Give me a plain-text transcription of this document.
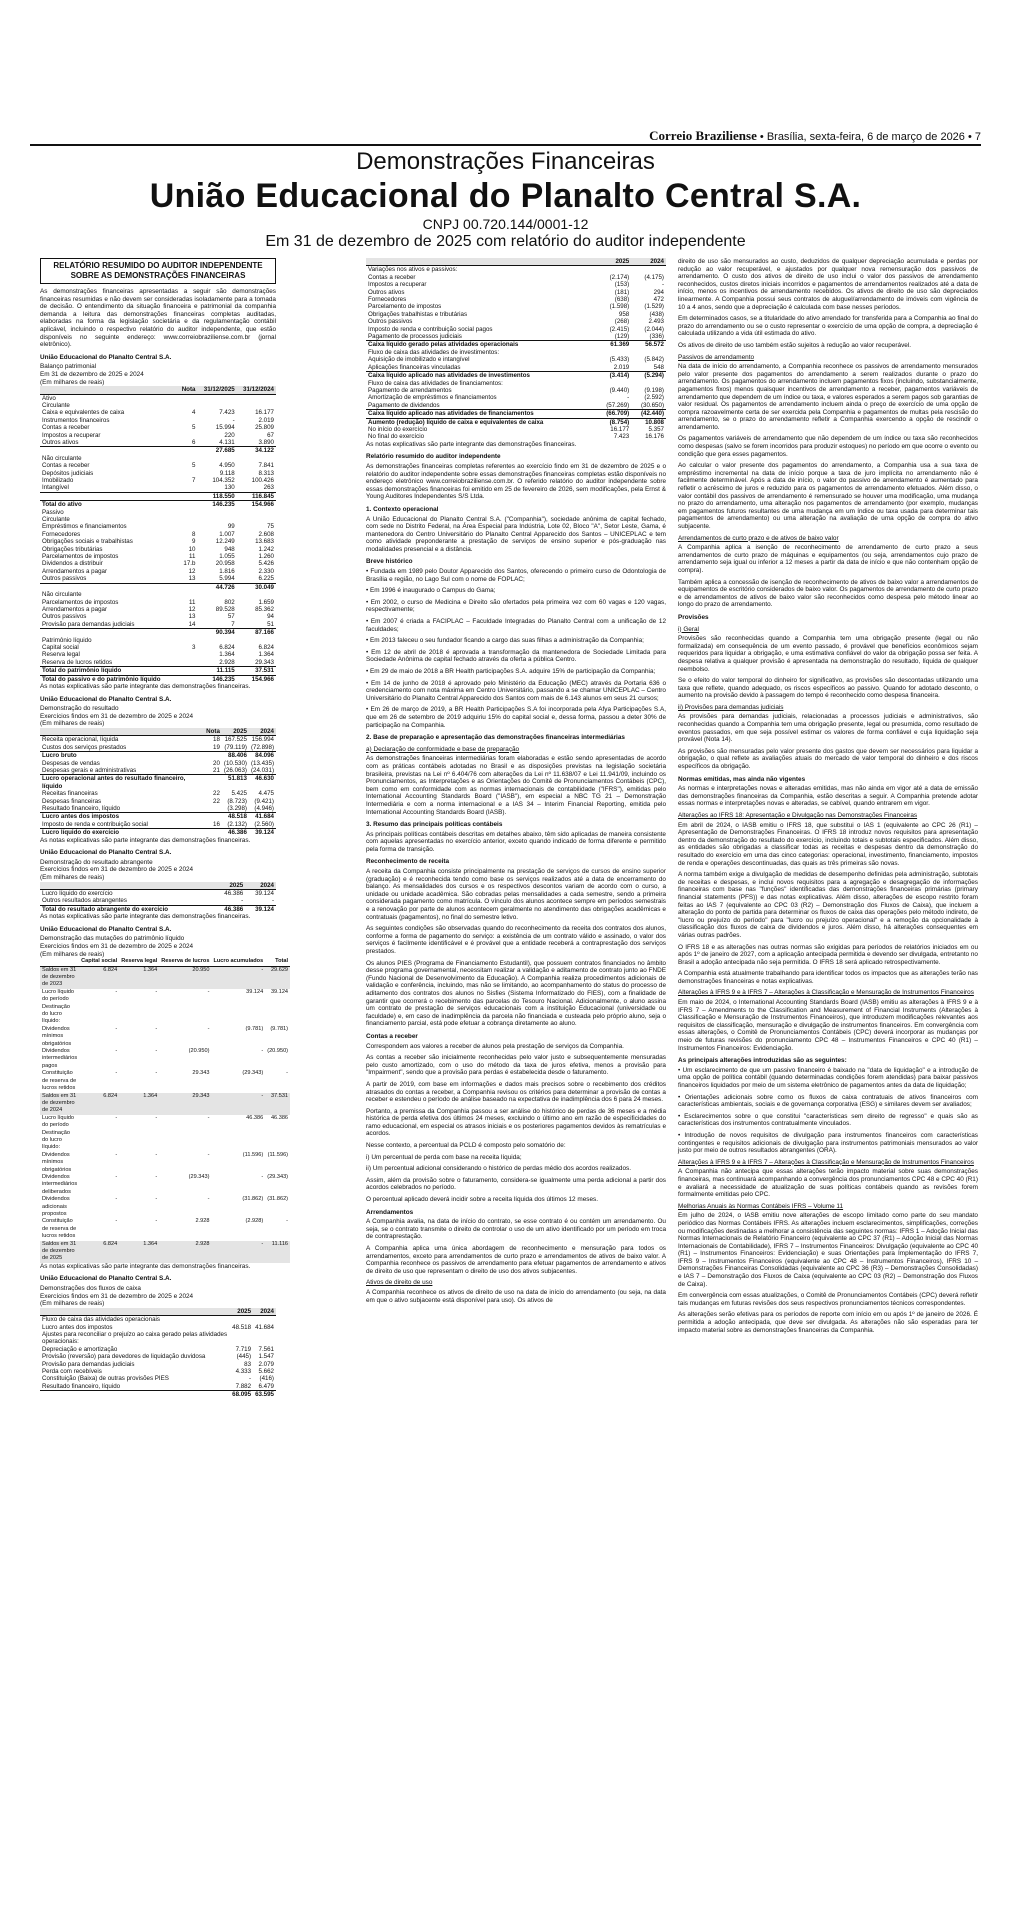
Correio Braziliense • Brasília, sexta-feira, 6 de março de 2026 • 7
Demonstrações Financeiras
União Educacional do Planalto Central S.A.
CNPJ 00.720.144/0001-12
Em 31 de dezembro de 2025 com relatório do auditor independente
RELATÓRIO RESUMIDO DO AUDITOR INDEPENDENTE SOBRE AS DEMONSTRAÇÕES FINANCEIRAS

As demonstrações financeiras apresentadas a seguir são demonstrações financeiras resumidas e não devem ser consideradas isoladamente para a tomada de decisão. O entendimento da situação financeira e patrimonial da companhia demanda a leitura das demonstrações financeiras completas auditadas, elaboradas na forma da legislação societária e da regulamentação contábil aplicável, incluindo o respectivo relatório do auditor independente, que estão disponíveis no seguinte endereço: www.correiobraziliense.com.br (jornal eletrônico).

União Educacional do Planalto Central S.A.
Balanço patrimonial
Em 31 de dezembro de 2025 e 2024
(Em milhares de reais)
	Nota	31/12/2025	31/12/2024
Ativo			
Circulante			
Caixa e equivalentes de caixa	4	7.423	16.177
Instrumentos financeiros		-	2.019
Contas a receber	5	15.994	25.809
Impostos a recuperar		220	67
Outros ativos	6	4.131	3.890
		27.685	34.122
Não circulante			
Contas a receber	5	4.950	7.841
Depósitos judiciais		9.118	8.313
Imobilizado	7	104.352	100.426
Intangível		130	263
		118.550	116.845
Total do ativo		146.235	154.966
Passivo			
Circulante			
Empréstimos e financiamentos		99	75
Fornecedores	8	1.007	2.608
Obrigações sociais e trabalhistas	9	12.249	13.683
Obrigações tributárias	10	948	1.242
Parcelamentos de impostos	11	1.055	1.260
Dividendos a distribuir	17.b	20.958	5.426
Arrendamentos a pagar	12	1.816	2.330
Outros passivos	13	5.994	6.225
		44.726	30.049
Não circulante			
Parcelamentos de impostos	11	802	1.659
Arrendamentos a pagar	12	89.528	85.362
Outros passivos	13	57	94
Provisão para demandas judiciais	14	7	51
		90.394	87.166
Patrimônio líquido			
Capital social	3	6.824	6.824
Reserva legal		1.364	1.364
Reserva de lucros retidos		2.928	29.343
Total do patrimônio líquido		11.115	37.531
Total do passivo e do patrimônio líquido		146.235	154.966

As notas explicativas são parte integrante das demonstrações financeiras.

União Educacional do Planalto Central S.A.
Demonstração do resultado
Exercícios findos em 31 de dezembro de 2025 e 2024
(Em milhares de reais)
	Nota	2025	2024
Receita operacional, líquida	18	167.525	156.994
Custos dos serviços prestados	19	(79.119)	(72.898)
Lucro bruto		88.406	84.096
Despesas de vendas	20	(10.530)	(13.435)
Despesas gerais e administrativas	21	(26.063)	(24.031)
Lucro operacional antes do resultado financeiro, líquido		51.813	46.630
Receitas financeiras	22	5.425	4.475
Despesas financeiras	22	(8.723)	(9.421)
Resultado financeiro, líquido		(3.298)	(4.946)
Lucro antes dos impostos		48.518	41.684
Imposto de renda e contribuição social	16	(2.132)	(2.560)
Lucro líquido do exercício		46.386	39.124

As notas explicativas são parte integrante das demonstrações financeiras.

União Educacional do Planalto Central S.A.
Demonstração do resultado abrangente
Exercícios findos em 31 de dezembro de 2025 e 2024
(Em milhares de reais)
	2025	2024
Lucro líquido do exercício	46.386	39.124
Outros resultados abrangentes	-	-
Total do resultado abrangente do exercício	46.386	39.124

As notas explicativas são parte integrante das demonstrações financeiras.

União Educacional do Planalto Central S.A.
Demonstração das mutações do patrimônio líquido
Exercícios findos em 31 de dezembro de 2025 e 2024
(Em milhares de reais)
	Capital social	Reserva legal	Reserva de lucros	Lucro acumulados	Total
Saldos em 31 de dezembro de 2023	6.824	1.364	20.950	-	29.629
Lucro líquido do período	-	-	-	39.124	39.124
Destinação do lucro líquido:					
Dividendos mínimos obrigatórios	-	-	-	(9.781)	(9.781)
Dividendos intermediários pagos	-	-	(20.950)	-	(20.950)
Constituição de reserva de lucros retidos	-	-	29.343	(29.343)	-
Saldos em 31 de dezembro de 2024	6.824	1.364	29.343	-	37.531
Lucro líquido do período	-	-	-	46.386	46.386
Destinação do lucro líquido:					
Dividendos mínimos obrigatórios	-	-	-	(11.596)	(11.596)
Dividendos intermediários deliberados	-	-	(29.343)	-	(29.343)
Dividendos adicionais propostos	-	-	-	(31.862)	(31.862)
Constituição de reserva de lucros retidos	-	-	2.928	(2.928)	-
Saldos em 31 de dezembro de 2025	6.824	1.364	2.928	-	11.116

As notas explicativas são parte integrante das demonstrações financeiras.

União Educacional do Planalto Central S.A.
Demonstrações dos fluxos de caixa
Exercícios findos em 31 de dezembro de 2025 e 2024
(Em milhares de reais)
	2025	2024
Fluxo de caixa das atividades operacionais		
Lucro antes dos impostos	48.518	41.684
Ajustes para reconciliar o prejuízo ao caixa gerado pelas atividades operacionais:		
Depreciação e amortização	7.719	7.561
Provisão (reversão) para devedores de liquidação duvidosa	(445)	1.547
Provisão para demandas judiciais	83	2.079
Perda com recebíveis	4.333	5.662
Constituição (Baixa) de outras provisões PIES	-	(416)
Resultado financeiro, líquido	7.882	6.479
	68.095	63.595
	2025	2024
Variações nos ativos e passivos:		
Contas a receber	(2.174)	(4.175)
Impostos a recuperar	(153)	-
Outros ativos	(181)	294
Fornecedores	(638)	472
Parcelamento de impostos	(1.598)	(1.529)
Obrigações trabalhistas e tributárias	958	(438)
Outros passivos	(268)	2.493
Imposto de renda e contribuição social pagos	(2.415)	(2.044)
Pagamento de processos judiciais	(129)	(336)
Caixa líquido gerado pelas atividades operacionais	61.369	56.572
Fluxo de caixa das atividades de investimentos:		
Aquisição de imobilizado e intangível	(5.433)	(5.842)
Aplicações financeiras vinculadas	2.019	548
Caixa líquido aplicado nas atividades de investimentos	(3.414)	(5.294)
Fluxo de caixa das atividades de financiamentos:		
Pagamento de arrendamentos	(9.440)	(9.198)
Amortização de empréstimos e financiamentos	-	(2.592)
Pagamento de dividendos	(57.269)	(30.650)
Caixa líquido aplicado nas atividades de financiamentos	(66.709)	(42.440)
Aumento (redução) líquido de caixa e equivalentes de caixa	(8.754)	10.808
No início do exercício	16.177	5.357
No final do exercício	7.423	16.176

As notas explicativas são parte integrante das demonstrações financeiras.

Relatório resumido do auditor independente

As demonstrações financeiras completas referentes ao exercício findo em 31 de dezembro de 2025 e o relatório do auditor independente sobre essas demonstrações financeiras completas estão disponíveis no endereço eletrônico www.correiobraziliense.com.br. O referido relatório do auditor independente sobre essas demonstrações financeiras foi emitido em 25 de fevereiro de 2026, sem modificações, pela Ernst & Young Auditores Independentes S/S Ltda.

1. Contexto operacional

A União Educacional do Planalto Central S.A. ("Companhia"), sociedade anônima de capital fechado, com sede no Distrito Federal, na Área Especial para Indústria, Lote 02, Bloco "A", Setor Leste, Gama, é mantenedora do Centro Universitário do Planalto Central Apparecido dos Santos – UNICEPLAC e tem como atividade preponderante a prestação de serviços de ensino superior e pós-graduação nas modalidades presencial e a distância.

Breve histórico

• Fundada em 1989 pelo Doutor Apparecido dos Santos, oferecendo o primeiro curso de Odontologia de Brasília e região, no Lago Sul com o nome de FOPLAC;

• Em 1996 é inaugurado o Campus do Gama;

• Em 2002, o curso de Medicina e Direito são ofertados pela primeira vez com 60 vagas e 120 vagas, respectivamente;

• Em 2007 é criada a FACIPLAC – Faculdade Integradas do Planalto Central com a unificação de 12 faculdades;

• Em 2013 faleceu o seu fundador ficando a cargo das suas filhas a administração da Companhia;

• Em 12 de abril de 2018 é aprovada a transformação da mantenedora de Sociedade Limitada para Sociedade Anônima de capital fechado através da oferta a pública Centro.

• Em 29 de maio de 2018 a BR Health participações S.A. adquire 15% de participação da Companhia;

• Em 14 de junho de 2018 é aprovado pelo Ministério da Educação (MEC) através da Portaria 636 o credenciamento com nota máxima em Centro Universitário, passando a se chamar UNICEPLAC – Centro Universitário do Planalto Central Apparecido dos Santos com mais de 6.143 alunos em seus 21 cursos;

• Em 26 de março de 2019, a BR Health Participações S.A foi incorporada pela Afya Participações S.A, que em 26 de setembro de 2019 adquiriu 15% do capital social e, dessa forma, passou a deter 30% de participação na Companhia.

2. Base de preparação e apresentação das demonstrações financeiras intermediárias
a) Declaração de conformidade e base de preparação

As demonstrações financeiras intermediárias foram elaboradas e estão sendo apresentadas de acordo com as práticas contábeis adotadas no Brasil e as disposições previstas na legislação societária brasileira, previstas na Lei nº 6.404/76 com alterações da Lei nº 11.638/07 e Lei 11.941/09, incluindo os Pronunciamentos, as Interpretações e as Orientações do Comitê de Pronunciamentos Contábeis (CPC), bem como em conformidade com as normas internacionais de contabilidade ("IFRS"), emitidas pelo International Accounting Standards Board ("IASB"), em especial a NBC TG 21 – Demonstração Intermediária e com a norma internacional e a IAS 34 – Interim Financial Reporting, emitida pelo International Accounting Standards Board (IASB).

3. Resumo das principais políticas contábeis

As principais políticas contábeis descritas em detalhes abaixo, têm sido aplicadas de maneira consistente com aquelas apresentadas no exercício anterior, exceto quando indicado de forma diferente e permitido pela forma de transição.

Reconhecimento de receita

A receita da Companhia consiste principalmente na prestação de serviços de cursos de ensino superior (graduação) e é reconhecida tendo como base os serviços realizados até a data de encerramento do balanço. As mensalidades dos cursos e os respectivos descontos variam de acordo com o curso, a unidade ou unidade acadêmica. São cobradas pelas mensalidades a cada semestre, sendo a primeira considerada pagamento como matrícula. O vínculo dos alunos acontece sempre em períodos semestrais e a renovação por parte de alunos acontecem geralmente no atendimento das obrigações acadêmicas e contratuais (pagamentos), no final do semestre letivo.

As seguintes condições são observadas quando do reconhecimento da receita dos contratos dos alunos, conforme a forma de pagamento do serviço: a existência de um contrato válido e assinado, o valor dos serviços é facilmente identificável e é provável que a entidade receberá a contraprestação dos serviços prestados.

Os alunos PIES (Programa de Financiamento Estudantil), que possuem contratos financiados no âmbito desse programa governamental, necessitam realizar a validação e aditamento de contrato junto ao FNDE (Fundo Nacional de Desenvolvimento da Educação). A Companhia realiza procedimentos adicionais de validação e conferência, incluindo, mas não se limitando, ao acompanhamento do status do processo de aditamento dos contratos dos alunos no Sisfies (Sistema Informatizado do FIES), com a finalidade de garantir que ocorrerá o recebimento das parcelas do Tesouro Nacional. Adicionalmente, o aluno assina um contrato de prestação de serviços educacionais com a instituição Educacional (universidade ou faculdade) e, em caso de inadimplência da parcela não financiada e custeada pelo próprio aluno, seja o financiamento parcial, está pode efetuar a cobrança diretamente ao aluno.

Contas a receber

Correspondem aos valores a receber de alunos pela prestação de serviços da Companhia.

As contas a receber são inicialmente reconhecidas pelo valor justo e subsequentemente mensuradas pelo custo amortizado, com o uso do método da taxa de juros efetiva, menos a provisão para "Impairment", sendo que a provisão para perdas é estabelecida desde o faturamento.

A partir de 2019, com base em informações e dados mais precisos sobre o recebimento dos créditos atrasados do contas a receber, a Companhia revisou os critérios para determinar a provisão de contas a receber e estendeu o período de análise baseado na expectativa de inadimplência dos 6 para 24 meses.

Portanto, a premissa da Companhia passou a ser análise do histórico de perdas de 36 meses e a média histórica de perda efetiva dos últimos 24 meses, excluindo o último ano em razão de especificidades do ramo educacional, em especial os atrasos iniciais e os posteriores pagamentos devidos às rematrículas e acordos.

Nesse contexto, a percentual da PCLD é composto pelo somatório de:

i) Um percentual de perda com base na receita líquida;

ii) Um percentual adicional considerando o histórico de perdas médio dos acordos realizados.

Assim, além da provisão sobre o faturamento, considera-se igualmente uma perda adicional a partir dos acordos celebrados no período.

O percentual aplicado deverá incidir sobre a receita líquida dos últimos 12 meses.

Arrendamentos

A Companhia avalia, na data de início do contrato, se esse contrato é ou contém um arrendamento. Ou seja, se o contrato transmite o direito de controlar o uso de um ativo identificado por um período em troca de contraprestação.

A Companhia aplica uma única abordagem de reconhecimento e mensuração para todos os arrendamentos, exceto para arrendamentos de curto prazo e arrendamentos de ativos de baixo valor. A Companhia reconhece os passivos de arrendamento para efetuar pagamentos de arrendamento e ativos de direito de uso que representam o direito de uso dos ativos subjacentes.

Ativos de direito de uso

A Companhia reconhece os ativos de direito de uso na data de início do arrendamento (ou seja, na data em que o ativo subjacente está disponível para uso). Os ativos de

direito de uso são mensurados ao custo, deduzidos de qualquer depreciação acumulada e perdas por redução ao valor recuperável, e ajustados por qualquer nova remensuração dos passivos de arrendamento. O custo dos ativos de direito de uso inclui o valor dos passivos de arrendamento reconhecidos, custos diretos iniciais incorridos e pagamentos de arrendamentos realizados até a data de início, menos os incentivos de arrendamento recebidos. Os ativos de direito de uso são depreciados linearmente. A Companhia possui seus contratos de aluguel/arrendamento de imóveis com vigência de 10 a 4 anos, sendo que a depreciação é calculada com base nesses períodos.

Em determinados casos, se a titularidade do ativo arrendado for transferida para a Companhia ao final do prazo do arrendamento ou se o custo representar o exercício de uma opção de compra, a depreciação é calculada utilizando a vida útil estimada do ativo.

Os ativos de direito de uso também estão sujeitos à redução ao valor recuperável.

Passivos de arrendamento

Na data de início do arrendamento, a Companhia reconhece os passivos de arrendamento mensurados pelo valor presente dos pagamentos do arrendamento a serem realizados durante o prazo do arrendamento. Os pagamentos do arrendamento incluem pagamentos fixos (incluindo, substancialmente, pagamentos fixos) menos quaisquer incentivos de arrendamento a receber, pagamentos variáveis de arrendamento que dependem de um índice ou taxa, e valores esperados a serem pagos sob garantias de valor residual. Os pagamentos de arrendamento incluem ainda o preço de exercício de uma opção de compra razoavelmente certa de ser exercida pela Companhia e pagamentos de multas pela rescisão do arrendamento, se o prazo do arrendamento refletir a Companhia exercendo a opção de rescindir o arrendamento.

Os pagamentos variáveis de arrendamento que não dependem de um índice ou taxa são reconhecidos como despesas (salvo se forem incorridos para produzir estoques) no período em que ocorre o evento ou condição que gera esses pagamentos.

Ao calcular o valor presente dos pagamentos do arrendamento, a Companhia usa a sua taxa de empréstimo incremental na data de início porque a taxa de juro implícita no arrendamento não é facilmente determinável. Após a data de início, o valor do passivo de arrendamento é aumentado para refletir o acréscimo de juros e reduzido para os pagamentos de arrendamento efetuados. Além disso, o valor contábil dos passivos de arrendamento é remensurado se houver uma modificação, uma mudança no prazo do arrendamento, uma alteração nos pagamentos de arrendamento (por exemplo, mudanças em pagamentos futuros resultantes de uma mudança em um índice ou taxa usada para determinar tais pagamentos de arrendamento) ou uma alteração na avaliação de uma opção de compra do ativo subjacente.

Arrendamentos de curto prazo e de ativos de baixo valor

A Companhia aplica a isenção de reconhecimento de arrendamento de curto prazo a seus arrendamentos de curto prazo de máquinas e equipamentos (ou seja, arrendamentos cujo prazo de arrendamento seja igual ou inferior a 12 meses a partir da data de início e que não contenham opção de compra).

Também aplica a concessão de isenção de reconhecimento de ativos de baixo valor a arrendamentos de equipamentos de escritório considerados de baixo valor. Os pagamentos de arrendamento de curto prazo e de arrendamentos de ativos de baixo valor são reconhecidos como despesa pelo método linear ao longo do prazo de arrendamento.

Provisões
i) Geral

Provisões são reconhecidas quando a Companhia tem uma obrigação presente (legal ou não formalizada) em consequência de um evento passado, é provável que benefícios econômicos sejam requeridos para liquidar a obrigação, e uma estimativa confiável do valor da obrigação possa ser feita. A despesa relativa a qualquer provisão é apresentada na demonstração do resultado, líquida de qualquer reembolso.

Se o efeito do valor temporal do dinheiro for significativo, as provisões são descontadas utilizando uma taxa que reflete, quando adequado, os riscos específicos ao passivo. Quando for adotado desconto, o aumento na provisão devido à passagem do tempo é reconhecido como despesa financeira.

ii) Provisões para demandas judiciais

As provisões para demandas judiciais, relacionadas a processos judiciais e administrativos, são reconhecidas quando a Companhia tem uma obrigação presente, legal ou presumida, como resultado de eventos passados, em que seja possível estimar os valores de forma confiável e cuja liquidação seja provável (Nota 14).

As provisões são mensuradas pelo valor presente dos gastos que devem ser necessários para liquidar a obrigação, o qual reflete as avaliações atuais do mercado de valor temporal do dinheiro e dos riscos específicos da obrigação.

Normas emitidas, mas ainda não vigentes

As normas e interpretações novas e alteradas emitidas, mas não ainda em vigor até a data de emissão das demonstrações financeiras da Companhia, estão descritas a seguir. A Companhia pretende adotar essas normas e interpretações novas e alteradas, se cabível, quando entrarem em vigor.

Alterações ao IFRS 18: Apresentação e Divulgação nas Demonstrações Financeiras

Em abril de 2024, o IASB emitiu o IFRS 18, que substitui o IAS 1 (equivalente ao CPC 26 (R1) – Apresentação de Demonstrações Financeiras. O IFRS 18 introduz novos requisitos para apresentação dentro da demonstração do resultado do exercício, incluindo totais e subtotais especificados. Além disso, as entidades são obrigadas a classificar todas as receitas e despesas dentro da demonstração do resultado do exercício em uma das cinco categorias: operacional, investimento, financiamento, impostos de renda e operações descontinuadas, das quais as três primeiras são novas.

A norma também exige a divulgação de medidas de desempenho definidas pela administração, subtotais de receitas e despesas, e inclui novos requisitos para a agregação e desagregação de informações financeiras com base nas "funções" identificadas das demonstrações financeiras primárias (primary financial statements (PFS)) e das notas explicativas. Além disso, alterações de escopo restrito foram feitas ao IAS 7 (equivalente ao CPC 03 (R2) – Demonstração dos Fluxos de Caixa), que incluem a alteração do ponto de partida para determinar os fluxos de caixa das operações pelo método indireto, de "lucro ou prejuízo do período" para "lucro ou prejuízo operacional" e a remoção da opcionalidade à classificação dos fluxos de caixa de dividendos e juros. Além disso, há alterações consequentes em várias outras padrões.

O IFRS 18 e as alterações nas outras normas são exigidas para períodos de relatórios iniciados em ou após 1º de janeiro de 2027, com a aplicação antecipada permitida e devendo ser divulgada, entretanto no Brasil a adoção antecipada não seja permitida. O IFRS 18 será aplicado retrospectivamente.

A Companhia está atualmente trabalhando para identificar todos os impactos que as alterações terão nas demonstrações financeiras e notas explicativas.

Alterações à IFRS 9 e à IFRS 7 – Alterações à Classificação e Mensuração de Instrumentos Financeiros

Em maio de 2024, o International Accounting Standards Board (IASB) emitiu as alterações à IFRS 9 e à IFRS 7 – Amendments to the Classification and Measurement of Financial Instruments (Alterações à Classificação e Mensuração de Instrumentos Financeiros), que introduzem modificações relevantes aos requisitos de classificação, mensuração e divulgação de instrumentos financeiros. Em convergência com essas alterações, o Comitê de Pronunciamentos Contábeis (CPC) deverá incorporar as mudanças por meio de futuras revisões do pronunciamento CPC 48 – Instrumentos Financeiros e CPC 40 (R1) – Instrumentos Financeiros: Evidenciação.

As principais alterações introduzidas são as seguintes:

• Um esclarecimento de que um passivo financeiro é baixado na "data de liquidação" e a introdução de uma opção de política contábil (quando determinadas condições forem atendidas) para baixar passivos financeiros liquidados por meio de um sistema eletrônico de pagamentos antes da data de liquidação;

• Orientações adicionais sobre como os fluxos de caixa contratuais de ativos financeiros com características ambientais, sociais e de governança corporativa (ESG) e similares devem ser avaliados;

• Esclarecimentos sobre o que constitui "características sem direito de regresso" e quais são as características dos instrumentos contratualmente vinculados.

• Introdução de novos requisitos de divulgação para instrumentos financeiros com características contingentes e requisitos adicionais de divulgação para instrumentos patrimoniais mensurados ao valor justo por meio de outros resultados abrangentes (ORA).

Alterações à IFRS 9 e à IFRS 7 – Alterações à Classificação e Mensuração de Instrumentos Financeiros

A Companhia não antecipa que essas alterações terão impacto material sobre suas demonstrações financeiras, mas continuará acompanhando a convergência dos pronunciamentos CPC 48 e CPC 40 (R1) e avaliará a necessidade de atualização de suas políticas contábeis quando as revisões forem formalmente emitidas pelo CPC.

Melhorias Anuais às Normas Contábeis IFRS – Volume 11

Em julho de 2024, o IASB emitiu nove alterações de escopo limitado como parte do seu mandato periódico das Normas Contábeis IFRS. As alterações incluem esclarecimentos, simplificações, correções ou modificações destinadas a melhorar a consistência das seguintes normas: IFRS 1 – Adoção Inicial das Normas Internacionais de Relatório Financeiro (equivalente ao CPC 37 (R1) – Adoção Inicial das Normas Internacionais de Contabilidade), IFRS 7 – Instrumentos Financeiros: Divulgação (equivalente ao CPC 40 (R1) – Instrumentos Financeiros: Evidenciação) e suas Orientações para Implementação do IFRS 7, IFRS 9 – Instrumentos Financeiros (equivalente ao CPC 48 – Instrumentos Financeiros), IFRS 10 – Demonstrações Financeiras Consolidadas (equivalente ao CPC 36 (R3) – Demonstrações Consolidadas) e IAS 7 – Demonstração dos Fluxos de Caixa (equivalente ao CPC 03 (R2) – Demonstração dos Fluxos de Caixa).

Em convergência com essas atualizações, o Comitê de Pronunciamentos Contábeis (CPC) deverá refletir tais mudanças em futuras revisões dos seus respectivos pronunciamentos técnicos correspondentes.

As alterações serão efetivas para os períodos de reporte com início em ou após 1º de janeiro de 2026. É permitida a adoção antecipada, que deve ser divulgada. As alterações não são esperadas para ter impacto material sobre as demonstrações financeiras da Companhia.
